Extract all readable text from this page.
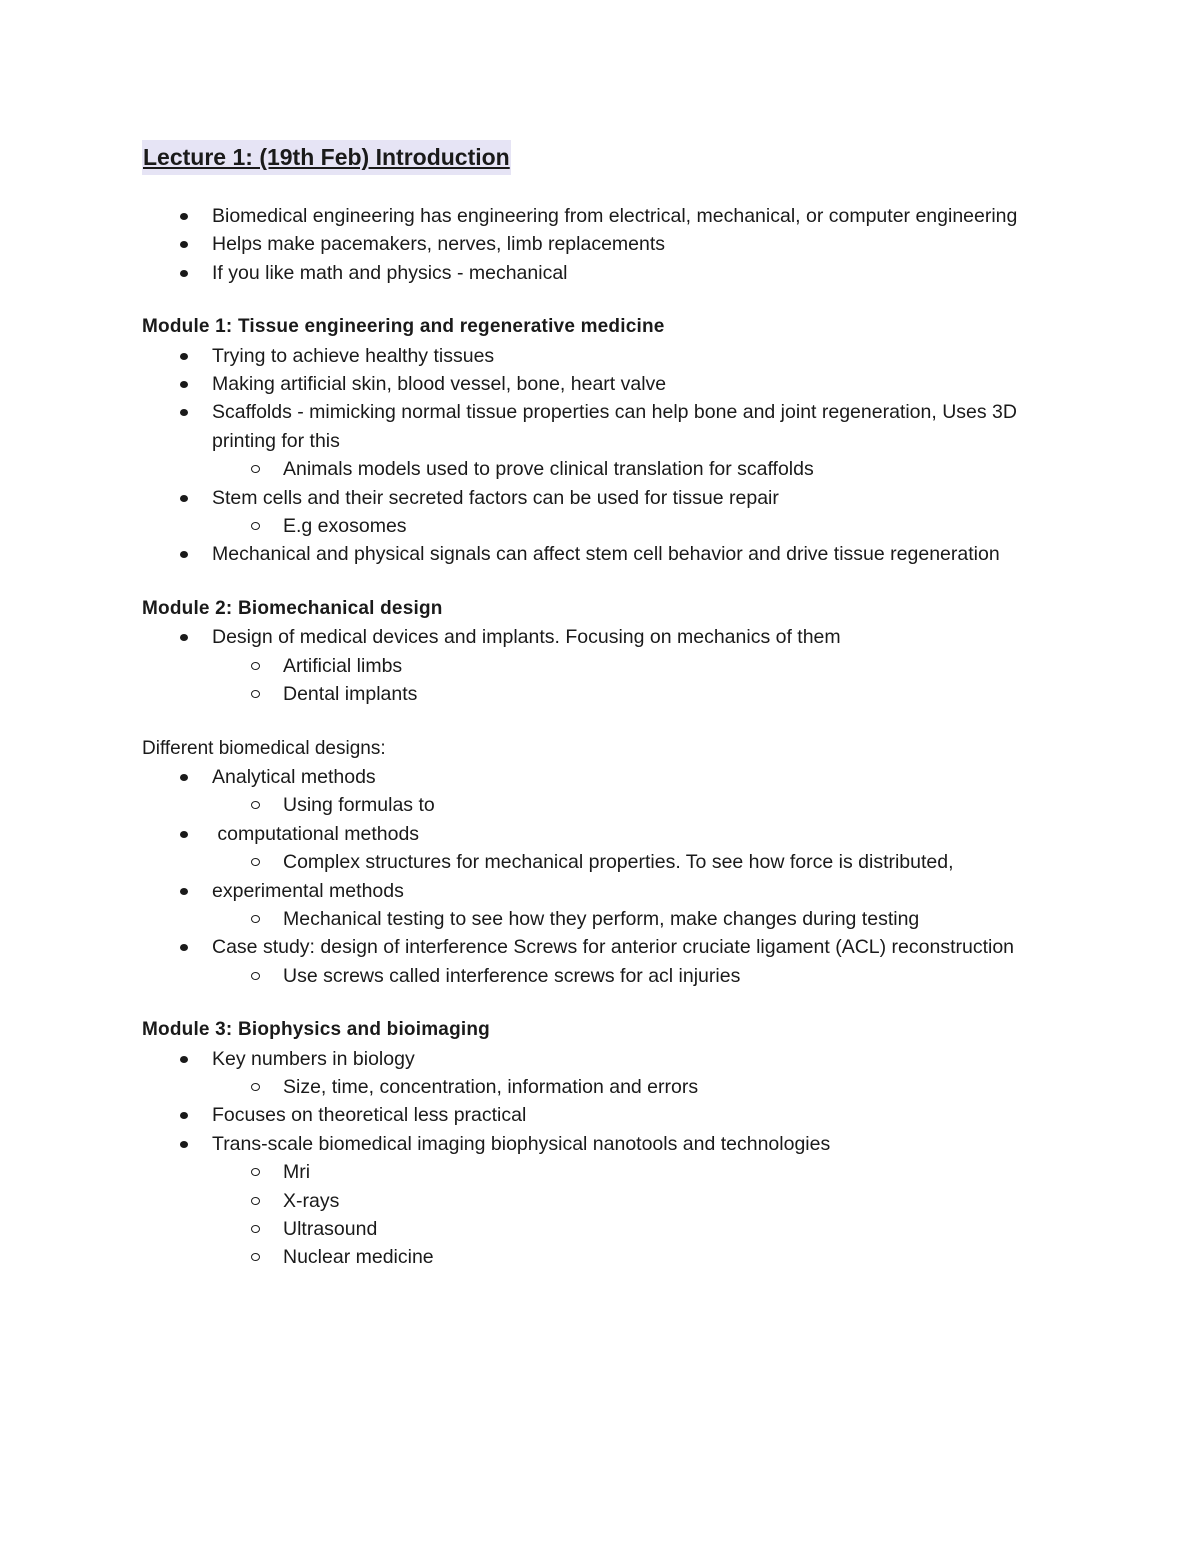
Lecture 1: (19th Feb) Introduction
Biomedical engineering has engineering from electrical, mechanical, or computer engineering
Helps make pacemakers, nerves, limb replacements
If you like math and physics - mechanical
Module 1: Tissue engineering and regenerative medicine
Trying to achieve healthy tissues
Making artificial skin, blood vessel, bone, heart valve
Scaffolds - mimicking normal tissue properties can help bone and joint regeneration, Uses 3D printing for this
Animals models used to prove clinical translation for scaffolds
Stem cells and their secreted factors can be used for tissue repair
E.g exosomes
Mechanical and physical signals can affect stem cell behavior and drive tissue regeneration
Module 2: Biomechanical design
Design of medical devices and implants. Focusing on mechanics of them
Artificial limbs
Dental implants
Different biomedical designs:
Analytical methods
Using formulas to
computational methods
Complex structures for mechanical properties. To see how force is distributed,
experimental methods
Mechanical testing to see how they perform, make changes during testing
Case study: design of interference Screws for anterior cruciate ligament (ACL) reconstruction
Use screws called interference screws for acl injuries
Module 3: Biophysics and bioimaging
Key numbers in biology
Size, time, concentration, information and errors
Focuses on theoretical less practical
Trans-scale biomedical imaging biophysical nanotools and technologies
Mri
X-rays
Ultrasound
Nuclear medicine
